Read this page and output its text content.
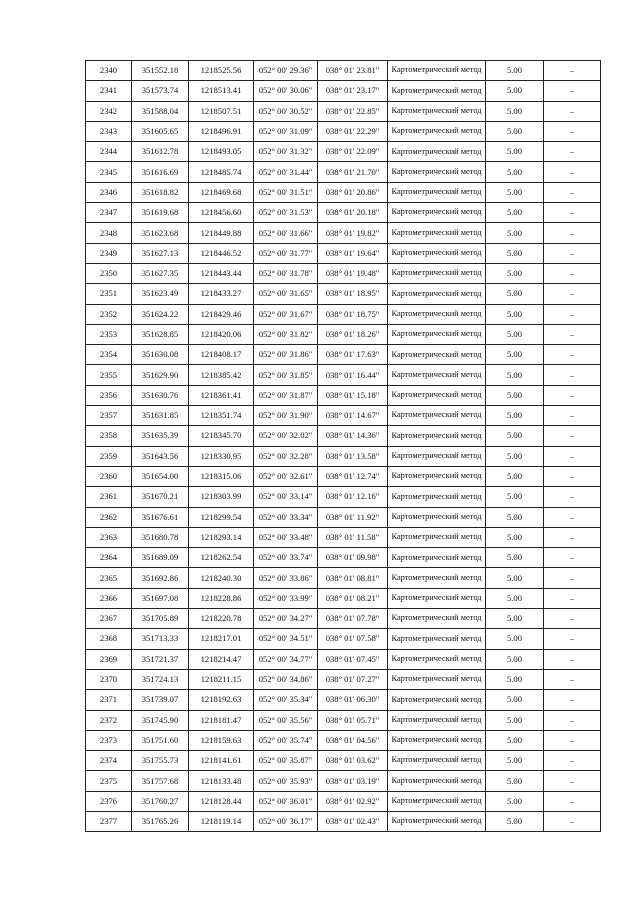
2340	351552.18	1218525.56	052° 00' 29.36"	038° 01' 23.81"	Картометрический метод	5.00	–
2341	351573.74	1218513.41	052° 00' 30.06"	038° 01' 23.17"	Картометрический метод	5.00	–
2342	351588.04	1218507.51	052° 00' 30.52"	038° 01' 22.85"	Картометрический метод	5.00	–
2343	351605.65	1218496.91	052° 00' 31.09"	038° 01' 22.29"	Картометрический метод	5.00	–
2344	351612.78	1218493.05	052° 00' 31.32"	038° 01' 22.09"	Картометрический метод	5.00	–
2345	351616.69	1218485.74	052° 00' 31.44"	038° 01' 21.70"	Картометрический метод	5.00	–
2346	351618.82	1218469.68	052° 00' 31.51"	038° 01' 20.86"	Картометрический метод	5.00	–
2347	351619.68	1218456.60	052° 00' 31.53"	038° 01' 20.18"	Картометрический метод	5.00	–
2348	351623.68	1218449.88	052° 00' 31.66"	038° 01' 19.82"	Картометрический метод	5.00	–
2349	351627.13	1218446.52	052° 00' 31.77"	038° 01' 19.64"	Картометрический метод	5.00	–
2350	351627.35	1218443.44	052° 00' 31.78"	038° 01' 19.48"	Картометрический метод	5.00	–
2351	351623.49	1218433.27	052° 00' 31.65"	038° 01' 18.95"	Картометрический метод	5.00	–
2352	351624.22	1218429.46	052° 00' 31.67"	038° 01' 18.75"	Картометрический метод	5.00	–
2353	351628.85	1218420.06	052° 00' 31.82"	038° 01' 18.26"	Картометрический метод	5.00	–
2354	351630.08	1218408.17	052° 00' 31.86"	038° 01' 17.63"	Картометрический метод	5.00	–
2355	351629.90	1218385.42	052° 00' 31.85"	038° 01' 16.44"	Картометрический метод	5.00	–
2356	351630.76	1218361.41	052° 00' 31.87"	038° 01' 15.18"	Картометрический метод	5.00	–
2357	351631.85	1218351.74	052° 00' 31.90"	038° 01' 14.67"	Картометрический метод	5.00	–
2358	351635.39	1218345.70	052° 00' 32.02"	038° 01' 14.36"	Картометрический метод	5.00	–
2359	351643.56	1218330.95	052° 00' 32.28"	038° 01' 13.58"	Картометрический метод	5.00	–
2360	351654.00	1218315.06	052° 00' 32.61"	038° 01' 12.74"	Картометрический метод	5.00	–
2361	351670.21	1218303.99	052° 00' 33.14"	038° 01' 12.16"	Картометрический метод	5.00	–
2362	351676.61	1218299.54	052° 00' 33.34"	038° 01' 11.92"	Картометрический метод	5.00	–
2363	351680.78	1218293.14	052° 00' 33.48"	038° 01' 11.58"	Картометрический метод	5.00	–
2364	351689.09	1218262.54	052° 00' 33.74"	038° 01' 09.98"	Картометрический метод	5.00	–
2365	351692.86	1218240.30	052° 00' 33.86"	038° 01' 08.81"	Картометрический метод	5.00	–
2366	351697.08	1218228.86	052° 00' 33.99"	038° 01' 08.21"	Картометрический метод	5.00	–
2367	351705.89	1218220.78	052° 00' 34.27"	038° 01' 07.78"	Картометрический метод	5.00	–
2368	351713.33	1218217.01	052° 00' 34.51"	038° 01' 07.58"	Картометрический метод	5.00	–
2369	351721.37	1218214.47	052° 00' 34.77"	038° 01' 07.45"	Картометрический метод	5.00	–
2370	351724.13	1218211.15	052° 00' 34.86"	038° 01' 07.27"	Картометрический метод	5.00	–
2371	351739.07	1218192.63	052° 00' 35.34"	038° 01' 06.30"	Картометрический метод	5.00	–
2372	351745.90	1218181.47	052° 00' 35.56"	038° 01' 05.71"	Картометрический метод	5.00	–
2373	351751.60	1218159.63	052° 00' 35.74"	038° 01' 04.56"	Картометрический метод	5.00	–
2374	351755.73	1218141.61	052° 00' 35.87"	038° 01' 03.62"	Картометрический метод	5.00	–
2375	351757.68	1218133.48	052° 00' 35.93"	038° 01' 03.19"	Картометрический метод	5.00	–
2376	351760.27	1218128.44	052° 00' 36.01"	038° 01' 02.92"	Картометрический метод	5.00	–
2377	351765.26	1218119.14	052° 00' 36.17"	038° 01' 02.43"	Картометрический метод	5.00	–
